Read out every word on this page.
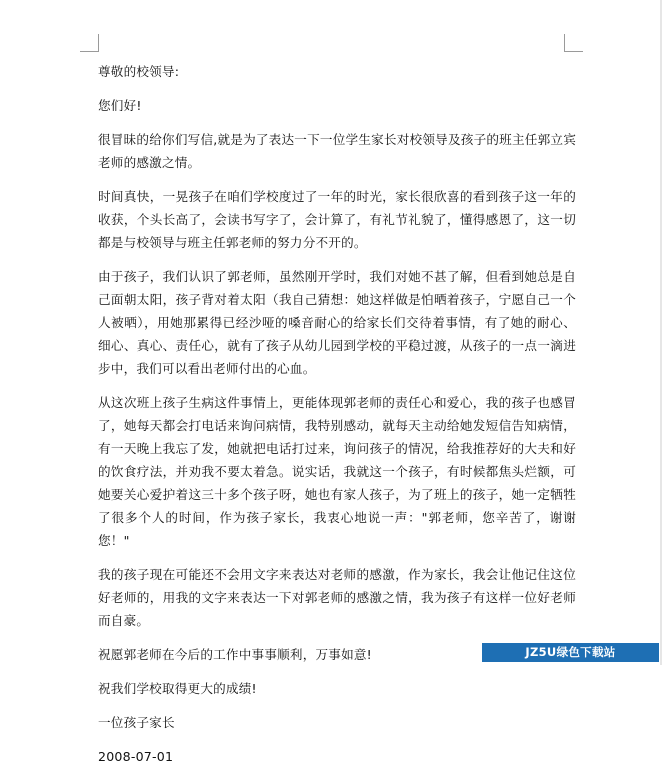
尊敬的校领导:

您们好!

很冒昧的给你们写信,就是为了表达一下一位学生家长对校领导及孩子的班主任郭立宾老师的感激之情。

时间真快，一晃孩子在咱们学校度过了一年的时光，家长很欣喜的看到孩子这一年的收获，个头长高了，会读书写字了，会计算了，有礼节礼貌了，懂得感恩了，这一切都是与校领导与班主任郭老师的努力分不开的。

由于孩子，我们认识了郭老师，虽然刚开学时，我们对她不甚了解，但看到她总是自己面朝太阳，孩子背对着太阳（我自己猜想：她这样做是怕晒着孩子，宁愿自己一个人被晒），用她那累得已经沙哑的嗓音耐心的给家长们交待着事情，有了她的耐心、细心、真心、责任心，就有了孩子从幼儿园到学校的平稳过渡，从孩子的一点一滴进步中，我们可以看出老师付出的心血。

从这次班上孩子生病这件事情上，更能体现郭老师的责任心和爱心，我的孩子也感冒了，她每天都会打电话来询问病情，我特别感动，就每天主动给她发短信告知病情，有一天晚上我忘了发，她就把电话打过来，询问孩子的情况，给我推荐好的大夫和好的饮食疗法，并劝我不要太着急。说实话，我就这一个孩子，有时候都焦头烂额，可她要关心爱护着这三十多个孩子呀，她也有家人孩子，为了班上的孩子，她一定牺牲了很多个人的时间，作为孩子家长，我衷心地说一声："郭老师，您辛苦了，谢谢您！"

我的孩子现在可能还不会用文字来表达对老师的感激，作为家长，我会让他记住这位好老师的，用我的文字来表达一下对郭老师的感激之情，我为孩子有这样一位好老师而自豪。

祝愿郭老师在今后的工作中事事顺利，万事如意!

祝我们学校取得更大的成绩!

一位孩子家长

2008-07-01

JZ5U绿色下载站 www.jz5u.com
